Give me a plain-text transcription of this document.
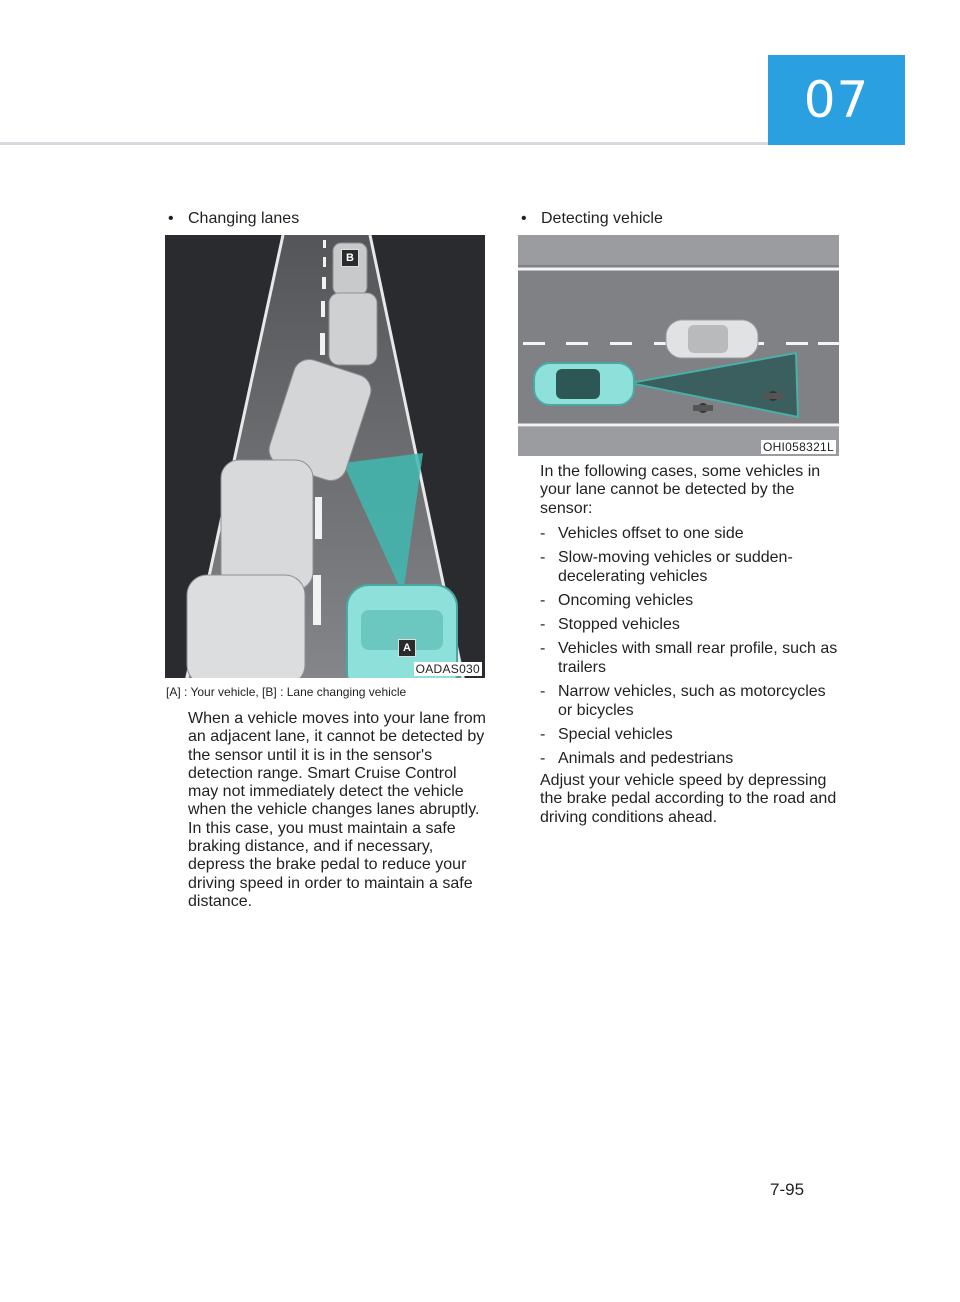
07
• Changing lanes
B
A
OADAS030
[A] : Your vehicle, [B] : Lane changing vehicle

When a vehicle moves into your lane from an adjacent lane, it cannot be detected by the sensor until it is in the sensor's detection range. Smart Cruise Control may not immediately detect the vehicle when the vehicle changes lanes abruptly. In this case, you must maintain a safe braking distance, and if necessary, depress the brake pedal to reduce your driving speed in order to maintain a safe distance.

• Detecting vehicle
OHI058321L

In the following cases, some vehicles in your lane cannot be detected by the sensor:

- Vehicles offset to one side
- Slow-moving vehicles or sudden-decelerating vehicles
- Oncoming vehicles
- Stopped vehicles
- Vehicles with small rear profile, such as trailers
- Narrow vehicles, such as motorcycles or bicycles
- Special vehicles
- Animals and pedestrians

Adjust your vehicle speed by depressing the brake pedal according to the road and driving conditions ahead.

7-95
